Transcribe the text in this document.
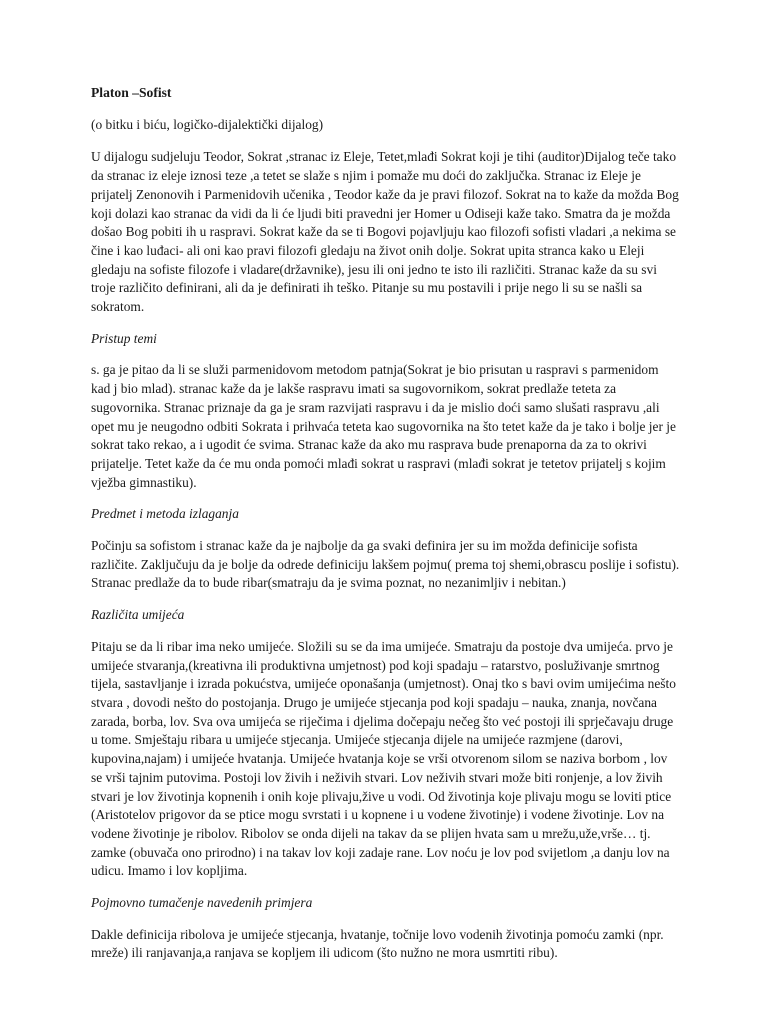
Platon –Sofist
(o bitku i biću, logičko-dijalektički dijalog)

U dijalogu sudjeluju Teodor, Sokrat ,stranac iz Eleje, Tetet,mlađi Sokrat koji je tihi (auditor)Dijalog teče tako da stranac iz eleje iznosi teze ,a tetet se slaže s njim i pomaže mu doći do zaključka. Stranac iz Eleje je prijatelj Zenonovih i Parmenidovih učenika , Teodor kaže da je pravi filozof. Sokrat na to kaže da možda Bog koji dolazi kao stranac da vidi da li će ljudi biti pravedni jer Homer u Odiseji kaže tako. Smatra da je možda došao Bog pobiti ih u raspravi. Sokrat kaže da se ti Bogovi pojavljuju kao filozofi sofisti vladari ,a nekima se čine i kao luđaci- ali oni kao pravi filozofi gledaju na život onih dolje. Sokrat upita stranca kako u Eleji gledaju na sofiste filozofe i vladare(državnike), jesu ili oni jedno te isto ili različiti. Stranac kaže da su svi troje različito definirani, ali da je definirati ih teško. Pitanje su mu postavili i prije nego li su se našli sa sokratom.

Pristup temi

s. ga je pitao da li se služi parmenidovom metodom patnja(Sokrat je bio prisutan u raspravi s parmenidom kad j bio mlad). stranac kaže da je lakše raspravu imati sa sugovornikom, sokrat predlaže teteta za sugovornika. Stranac priznaje da ga je sram razvijati raspravu i da je mislio doći samo slušati raspravu ,ali opet mu je neugodno odbiti Sokrata i prihvaća teteta kao sugovornika na što tetet kaže da je tako i bolje jer je sokrat tako rekao, a i ugodit će svima. Stranac kaže da ako mu rasprava bude prenaporna da za to okrivi prijatelje. Tetet kaže da će mu onda pomoći mlađi sokrat u raspravi (mlađi sokrat je tetetov prijatelj s kojim vježba gimnastiku).

Predmet i metoda izlaganja

Počinju sa sofistom i stranac kaže da je najbolje da ga svaki definira jer su im možda definicije sofista različite. Zaključuju da je bolje da odrede definiciju lakšem pojmu( prema toj shemi,obrascu poslije i sofistu). Stranac predlaže da to bude ribar(smatraju da je svima poznat, no nezanimljiv i nebitan.)

Različita umijeća

Pitaju se da li ribar ima neko umijeće. Složili su se da ima umijeće. Smatraju da postoje dva umijeća. prvo je umijeće stvaranja,(kreativna ili produktivna umjetnost) pod koji spadaju – ratarstvo, posluživanje smrtnog tijela, sastavljanje i izrada pokućstva, umijeće oponašanja (umjetnost). Onaj tko s bavi ovim umijećima nešto stvara , dovodi nešto do postojanja. Drugo je umijeće stjecanja pod koji spadaju – nauka, znanja, novčana zarada, borba, lov. Sva ova umijeća se riječima i djelima dočepaju nečeg što već postoji ili sprječavaju druge u tome. Smještaju ribara u umijeće stjecanja. Umijeće stjecanja dijele na umijeće razmjene (darovi, kupovina,najam) i umijeće hvatanja. Umijeće hvatanja koje se vrši otvorenom silom se naziva borbom , lov se vrši tajnim putovima. Postoji lov živih i neživih stvari. Lov neživih stvari može biti ronjenje, a lov živih stvari je lov životinja kopnenih i onih koje plivaju,žive u vodi. Od životinja koje plivaju mogu se loviti ptice (Aristotelov prigovor da se ptice mogu svrstati i u kopnene i u vodene životinje) i vodene životinje. Lov na vodene životinje je ribolov. Ribolov se onda dijeli na takav da se plijen hvata sam u mrežu,uže,vrše… tj. zamke (obuvača ono prirodno) i na takav lov koji zadaje rane. Lov noću je lov pod svijetlom ,a danju lov na udicu. Imamo i lov kopljima.

Pojmovno tumačenje navedenih primjera

Dakle definicija ribolova je umijeće stjecanja, hvatanje, točnije lovo vodenih životinja pomoću zamki (npr. mreže) ili ranjavanja,a ranjava se kopljem ili udicom (što nužno ne mora usmrtiti ribu).
